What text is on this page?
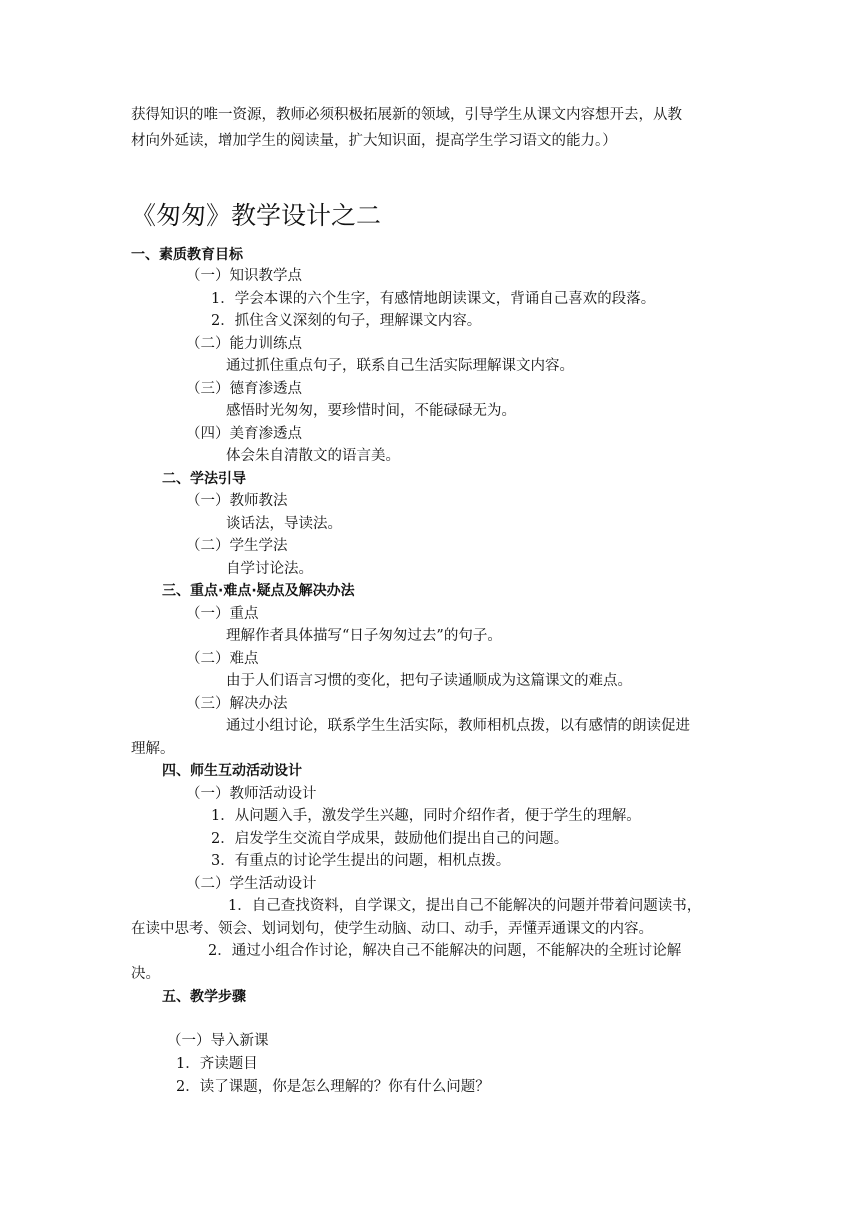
获得知识的唯一资源，教师必须积极拓展新的领域，引导学生从课文内容想开去，从教
材向外延读，增加学生的阅读量，扩大知识面，提高学生学习语文的能力。）
《匆匆》教学设计之二
一、素质教育目标
（一）知识教学点
1．学会本课的六个生字，有感情地朗读课文，背诵自己喜欢的段落。
2．抓住含义深刻的句子，理解课文内容。
（二）能力训练点
通过抓住重点句子，联系自己生活实际理解课文内容。
（三）德育渗透点
感悟时光匆匆，要珍惜时间，不能碌碌无为。
（四）美育渗透点
体会朱自清散文的语言美。
二、学法引导
（一）教师教法
谈话法，导读法。
（二）学生学法
自学讨论法。
三、重点·难点·疑点及解决办法
（一）重点
理解作者具体描写“日子匆匆过去”的句子。
（二）难点
由于人们语言习惯的变化，把句子读通顺成为这篇课文的难点。
（三）解决办法
通过小组讨论，联系学生生活实际，教师相机点拨，以有感情的朗读促进
理解。
四、师生互动活动设计
（一）教师活动设计
1．从问题入手，激发学生兴趣，同时介绍作者，便于学生的理解。
2．启发学生交流自学成果，鼓励他们提出自己的问题。
3．有重点的讨论学生提出的问题，相机点拨。
（二）学生活动设计
1．自己查找资料，自学课文，提出自己不能解决的问题并带着问题读书，
在读中思考、领会、划词划句，使学生动脑、动口、动手，弄懂弄通课文的内容。
2．通过小组合作讨论，解决自己不能解决的问题，不能解决的全班讨论解
决。
五、教学步骤
（一）导入新课
1．齐读题目
2．读了课题，你是怎么理解的？你有什么问题？
